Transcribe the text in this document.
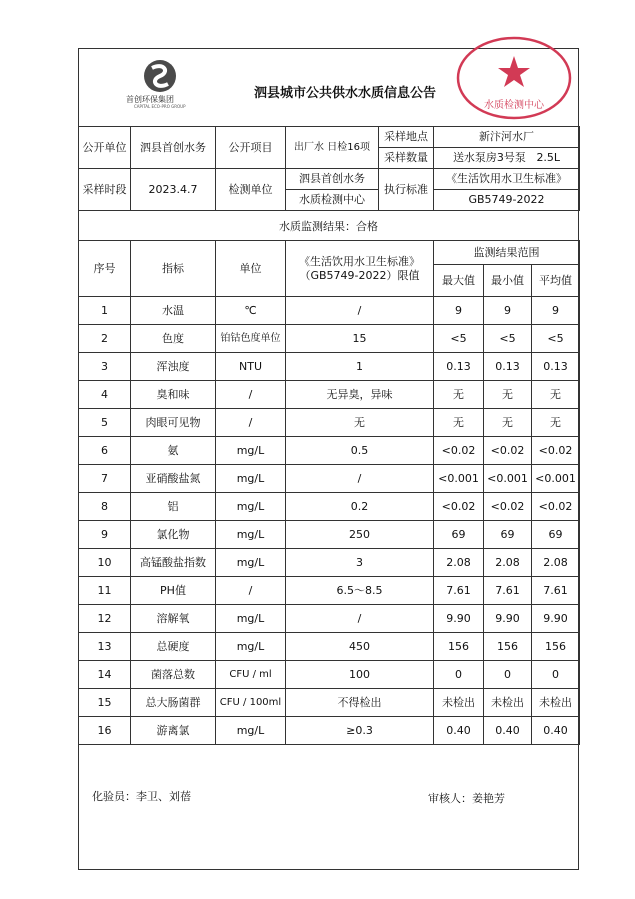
首创环保集团
CAPITAL ECO-PRO GROUP
泗县城市公共供水水质信息公告
水质检测中心
公开单位	泗县首创水务	公开项目	出厂水 日检16项	采样地点	新汴河水厂
				采样数量	送水泵房3号泵 2.5L
采样时段	2023.4.7	检测单位	泗县首创水务	执行标准	《生活饮用水卫生标准》
			水质检测中心		GB5749-2022
水质监测结果：合格
序号	指标	单位	《生活饮用水卫生标准》
（GB5749-2022）限值	监测结果范围		
				最大值	最小值	平均值
1	水温	℃	/	9	9	9
2	色度	铂钴色度单位	15	<5	<5	<5
3	浑浊度	NTU	1	0.13	0.13	0.13
4	臭和味	/	无异臭，异味	无	无	无
5	肉眼可见物	/	无	无	无	无
6	氨	mg/L	0.5	<0.02	<0.02	<0.02
7	亚硝酸盐氮	mg/L	/	<0.001	<0.001	<0.001
8	铝	mg/L	0.2	<0.02	<0.02	<0.02
9	氯化物	mg/L	250	69	69	69
10	高锰酸盐指数	mg/L	3	2.08	2.08	2.08
11	PH值	/	6.5～8.5	7.61	7.61	7.61
12	溶解氧	mg/L	/	9.90	9.90	9.90
13	总硬度	mg/L	450	156	156	156
14	菌落总数	CFU / ml	100	0	0	0
15	总大肠菌群	CFU / 100ml	不得检出	未检出	未检出	未检出
16	游离氯	mg/L	≥0.3	0.40	0.40	0.40

化验员：李卫、刘蓓	审核人：姜艳芳
